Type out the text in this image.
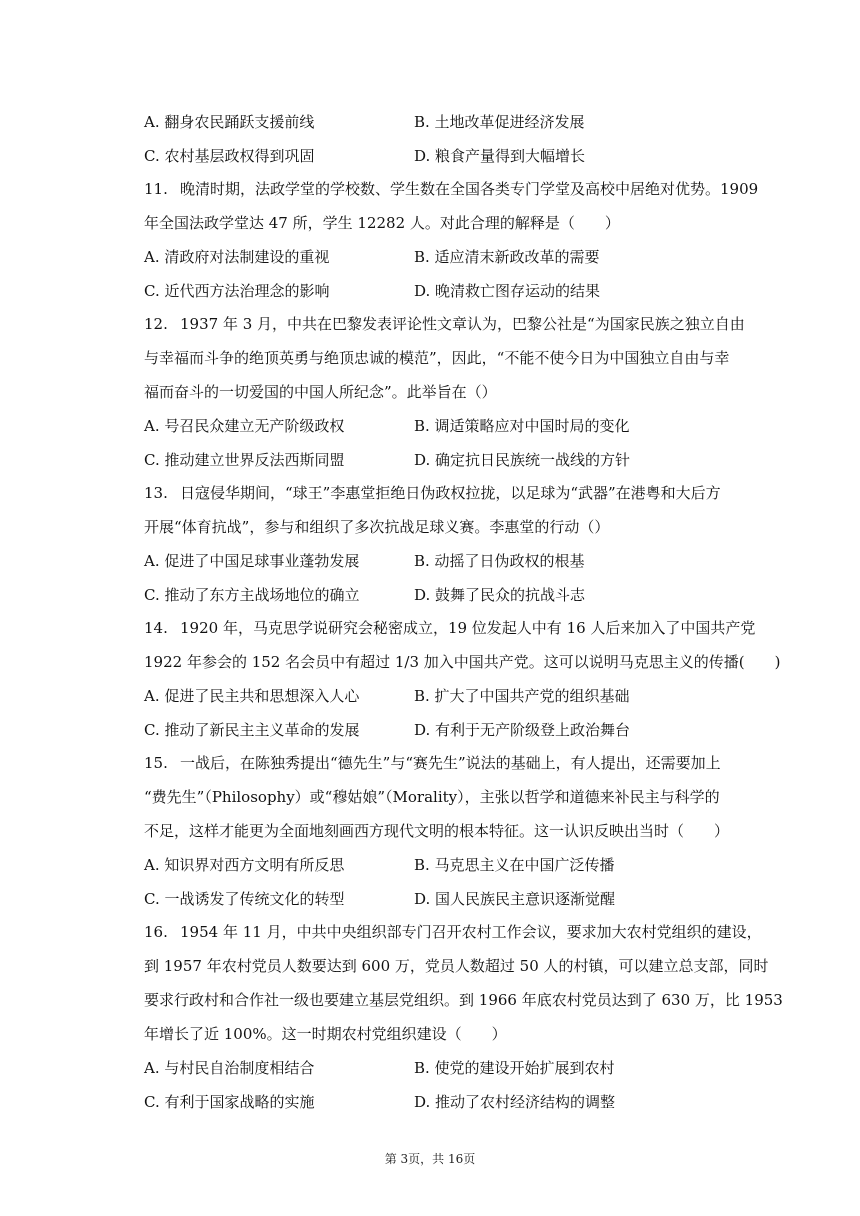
A. 翻身农民踊跃支援前线	B. 土地改革促进经济发展
C. 农村基层政权得到巩固	D. 粮食产量得到大幅增长
11. 晚清时期，法政学堂的学校数、学生数在全国各类专门学堂及高校中居绝对优势。1909
年全国法政学堂达 47 所，学生 12282 人。对此合理的解释是（　　）
A. 清政府对法制建设的重视	B. 适应清末新政改革的需要
C. 近代西方法治理念的影响	D. 晚清救亡图存运动的结果
12. 1937 年 3 月，中共在巴黎发表评论性文章认为，巴黎公社是“为国家民族之独立自由
与幸福而斗争的绝顶英勇与绝顶忠诚的模范”，因此，“不能不使今日为中国独立自由与幸
福而奋斗的一切爱国的中国人所纪念”。此举旨在（）
A. 号召民众建立无产阶级政权	B. 调适策略应对中国时局的变化
C. 推动建立世界反法西斯同盟	D. 确定抗日民族统一战线的方针
13. 日寇侵华期间，“球王”李惠堂拒绝日伪政权拉拢，以足球为“武器”在港粤和大后方
开展“体育抗战”，参与和组织了多次抗战足球义赛。李惠堂的行动（）
A. 促进了中国足球事业蓬勃发展	B. 动摇了日伪政权的根基
C. 推动了东方主战场地位的确立	D. 鼓舞了民众的抗战斗志
14. 1920 年，马克思学说研究会秘密成立，19 位发起人中有 16 人后来加入了中国共产党
1922 年参会的 152 名会员中有超过 1/3 加入中国共产党。这可以说明马克思主义的传播(　　)
A. 促进了民主共和思想深入人心	B. 扩大了中国共产党的组织基础
C. 推动了新民主主义革命的发展	D. 有利于无产阶级登上政治舞台
15. 一战后，在陈独秀提出“德先生”与“赛先生”说法的基础上，有人提出，还需要加上
“费先生”（Philosophy）或“穆姑娘”（Morality），主张以哲学和道德来补民主与科学的
不足，这样才能更为全面地刻画西方现代文明的根本特征。这一认识反映出当时（　　）
A. 知识界对西方文明有所反思	B. 马克思主义在中国广泛传播
C. 一战诱发了传统文化的转型	D. 国人民族民主意识逐渐觉醒
16. 1954 年 11 月，中共中央组织部专门召开农村工作会议，要求加大农村党组织的建设，
到 1957 年农村党员人数要达到 600 万，党员人数超过 50 人的村镇，可以建立总支部，同时
要求行政村和合作社一级也要建立基层党组织。到 1966 年底农村党员达到了 630 万，比 1953
年增长了近 100%。这一时期农村党组织建设（　　）
A. 与村民自治制度相结合	B. 使党的建设开始扩展到农村
C. 有利于国家战略的实施	D. 推动了农村经济结构的调整
第 3页，共 16页
